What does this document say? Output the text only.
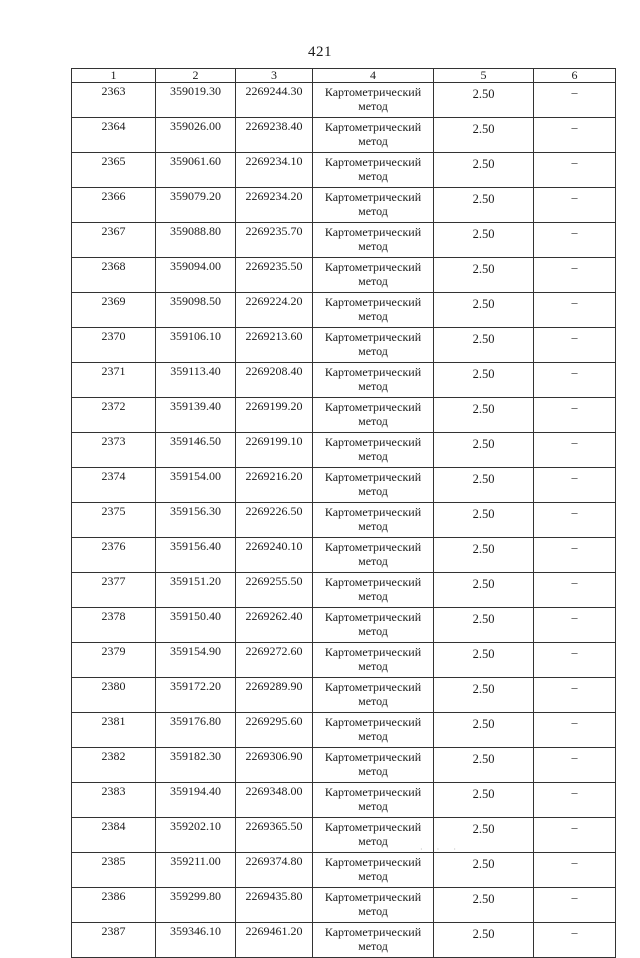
421
1	2	3	4	5	6
2363	359019.30	2269244.30	Картометрический метод	2.50	–
2364	359026.00	2269238.40	Картометрический метод	2.50	–
2365	359061.60	2269234.10	Картометрический метод	2.50	–
2366	359079.20	2269234.20	Картометрический метод	2.50	–
2367	359088.80	2269235.70	Картометрический метод	2.50	–
2368	359094.00	2269235.50	Картометрический метод	2.50	–
2369	359098.50	2269224.20	Картометрический метод	2.50	–
2370	359106.10	2269213.60	Картометрический метод	2.50	–
2371	359113.40	2269208.40	Картометрический метод	2.50	–
2372	359139.40	2269199.20	Картометрический метод	2.50	–
2373	359146.50	2269199.10	Картометрический метод	2.50	–
2374	359154.00	2269216.20	Картометрический метод	2.50	–
2375	359156.30	2269226.50	Картометрический метод	2.50	–
2376	359156.40	2269240.10	Картометрический метод	2.50	–
2377	359151.20	2269255.50	Картометрический метод	2.50	–
2378	359150.40	2269262.40	Картометрический метод	2.50	–
2379	359154.90	2269272.60	Картометрический метод	2.50	–
2380	359172.20	2269289.90	Картометрический метод	2.50	–
2381	359176.80	2269295.60	Картометрический метод	2.50	–
2382	359182.30	2269306.90	Картометрический метод	2.50	–
2383	359194.40	2269348.00	Картометрический метод	2.50	–
2384	359202.10	2269365.50	Картометрический метод	2.50	–
2385	359211.00	2269374.80	Картометрический метод	2.50	–
2386	359299.80	2269435.80	Картометрический метод	2.50	–
2387	359346.10	2269461.20	Картометрический метод	2.50	–
· · ·
